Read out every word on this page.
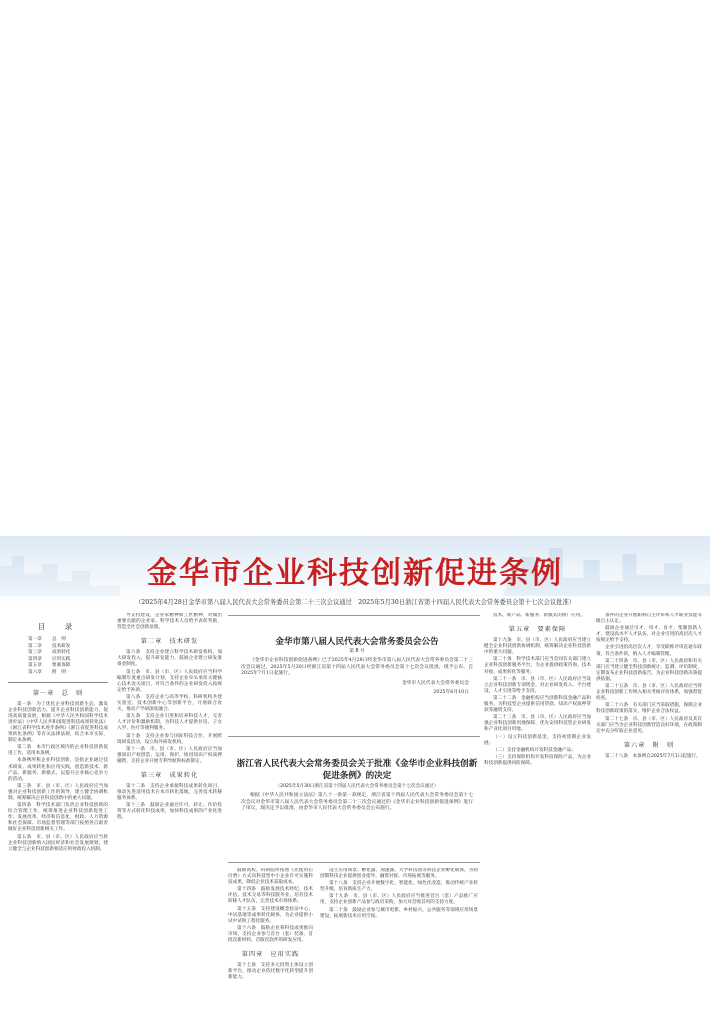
金华市企业科技创新促进条例
（2025年4月28日金华市第八届人民代表大会常务委员会第二十三次会议通过　2025年5月30日浙江省第十四届人民代表大会常务委员会第十七次会议批准）
目　录
第一章	总　则
第二章	技术研发
第三章	成果转化
第四章	应用实践
第五章	要素保障
第六章	附　则
第一章　总　则

第一条　为了优化企业科技创新生态，激发企业科技创新活力，提升企业科技创新能力，促进高质量发展，根据《中华人民共和国科学技术进步法》《中华人民共和国促进科技成果转化法》《浙江省科学技术进步条例》《浙江省促进科技成果转化条例》等有关法律法规，结合本市实际，制定本条例。

第二条　本市行政区域内的企业科技创新促进工作，适用本条例。

本条例所称企业科技创新，是指企业通过技术研发、成果转化和应用实践，创造新技术、新产品、新服务、新模式，以提升企业核心竞争力的活动。

第三条　市、县（市、区）人民政府应当加强对企业科技创新工作的领导，建立健全协调机制，统筹解决企业科技创新中的重大问题。

第四条　科学技术部门负责企业科技创新的综合管理工作，统筹推进企业科技创新促进工作；发展改革、经济和信息化、财政、人力资源和社会保障、市场监督管理等部门按照各自职责做好企业科技创新相关工作。

第五条　市、县（市、区）人民政府应当将企业科技创新纳入国民经济和社会发展规划，建立健全与企业科技创新相适应的财政投入机制。

导支持建设，企业家精神和工匠精神，对做出重要贡献的企业家、科学技术人员给予表彰奖励，营造全社会创新氛围。

第二章　技术研发

第六条　支持企业建立科学技术研发机构，加大研发投入，提升研发能力，鼓励企业建立研发准备金制度。

第七条　市、县（市、区）人民政府应当科学编制年度重点研发计划，支持企业牵头承担关键核心技术攻关项目，对符合条件的企业研发投入按规定给予补助。

第八条　支持企业与高等学校、科研机构共建实验室、技术创新中心等创新平台，开展联合攻关，推动产学研深度融合。

第九条　支持企业引进和培养科技人才，完善人才评价和激励机制，为科技人才提供住房、子女入学、医疗等便利服务。

第十条　支持企业参与国际科技合作，开展跨境研发活动，设立海外研发机构。

第十一条　市、县（市、区）人民政府应当加强知识产权创造、运用、保护，推进知识产权质押融资，支持企业开展专利导航和标准制定。

第三章　成果转化

第十二条　支持企业承接科技成果转化项目，推动先进适用技术在本市转化落地，完善技术转移服务体系。

第十三条　鼓励企业通过许可、转让、作价投资等方式转化科技成果，加快科技成果的产业化进程。

鼓励高校、科研院所按照《先使用后付费》方式向科技型中小企业许可实施科技成果，降低企业技术获取成本。

第十四条　鼓励发展技术经纪、技术评估、技术交易等科技服务业，培育技术转移人才队伍，完善技术市场体系。

第十五条　支持建设概念验证中心、中试基地等成果转化载体，为企业提供小试中试和工程化服务。

第十六条　鼓励企业将科技成果推向市场，支持企业参与首台（套）装备、首批次新材料、首版次软件的研发应用。

第四章　应用实践

第十七条　支持多元投资主体设立创新平台，推动企业依托数字化转型提升创新能力。

设立应用场景、孵化器、加速器、大学科技园等科技企业孵化载体，为初创期科技企业提供创业指导、融资对接、市场拓展等服务。

第十八条　支持企业开展数字化、智能化、绿色化改造，推动传统产业转型升级，培育新质生产力。

第十九条　市、县（市、区）人民政府应当推进首台（套）产品推广应用，支持企业创新产品参与政府采购，加大对首购首用的支持力度。

第二十条　鼓励企业参与城市更新、乡村振兴、公共服务等领域应用场景建设，拓展新技术应用空间。

金华市第八届人民代表大会常务委员会公告
第 8 号

《金华市企业科技创新促进条例》已于2025年4月28日经金华市第八届人民代表大会常务委员会第二十三次会议通过，2025年5月30日经浙江省第十四届人民代表大会常务委员会第十七次会议批准，现予公布，自2025年7月1日起施行。

金华市人民代表大会常务委员会
2025年6月10日
浙江省人民代表大会常务委员会关于批准《金华市企业科技创新促进条例》的决定
（2025年5月30日浙江省第十四届人民代表大会常务委员会第十七次会议通过）

根据《中华人民共和国立法法》第八十一条第一款规定，浙江省第十四届人民代表大会常务委员会第十七次会议对金华市第八届人民代表大会常务委员会第二十三次会议通过的《金华市企业科技创新促进条例》进行了审议，现决定予以批准，由金华市人民代表大会常务委员会公布施行。

技术、新产品、新服务、新模式的推广应用。

第五章　要素保障

第十九条　市、县（市、区）人民政府应当建立健全企业科技创新协调机制，统筹解决企业科技创新中的重大问题。

第二十条　科学技术部门应当会同有关部门建立企业科技创新服务平台，为企业提供政策咨询、技术对接、成果转化等服务。

第二十一条　市、县（市、区）人民政府应当设立企业科技创新专项资金，对企业研发投入、平台建设、人才引进等给予支持。

第二十二条　金融机构应当创新科技金融产品和服务，为科技型企业提供信用贷款、知识产权质押贷款等融资支持。

第二十三条　市、县（市、区）人民政府应当加强企业科技创新用地保障，优先安排科技型企业研发和产业化项目用地。

（一）设立科技创新基金，支持初创期企业发展；

（二）支持金融机构开发科技金融产品；

（三）支持保险机构开发科技保险产品，为企业科技创新提供风险保障。

条件的企业开展职称自主评审和人才职业技能等级自主认定。

鼓励企业通过引才、用才、育才，集聚创新人才，建设高水平人才队伍，对企业引进的高层次人才按规定给予支持。

企业引进的高层次人才，享受职称评审直通车政策，符合条件的，纳入人才编制管理。

第二十四条　市、县（市、区）人民政府和有关部门应当建立健全科技创新统计、监测、评价制度，定期发布企业科技创新报告，为企业科技创新决策提供依据。

第二十五条　市、县（市、区）人民政府应当将企业科技创新工作纳入相关考核评价体系，加强督促检查。

第二十六条　有关部门应当采取措施，保障企业科技创新政策的落实，维护企业合法权益。

第二十七条　市、县（市、区）人民政府及其有关部门应当为企业科技创新营造良好环境，在政策制定中充分听取企业意见。

第六章　附　则

第二十八条　本条例自2025年7月1日起施行。
